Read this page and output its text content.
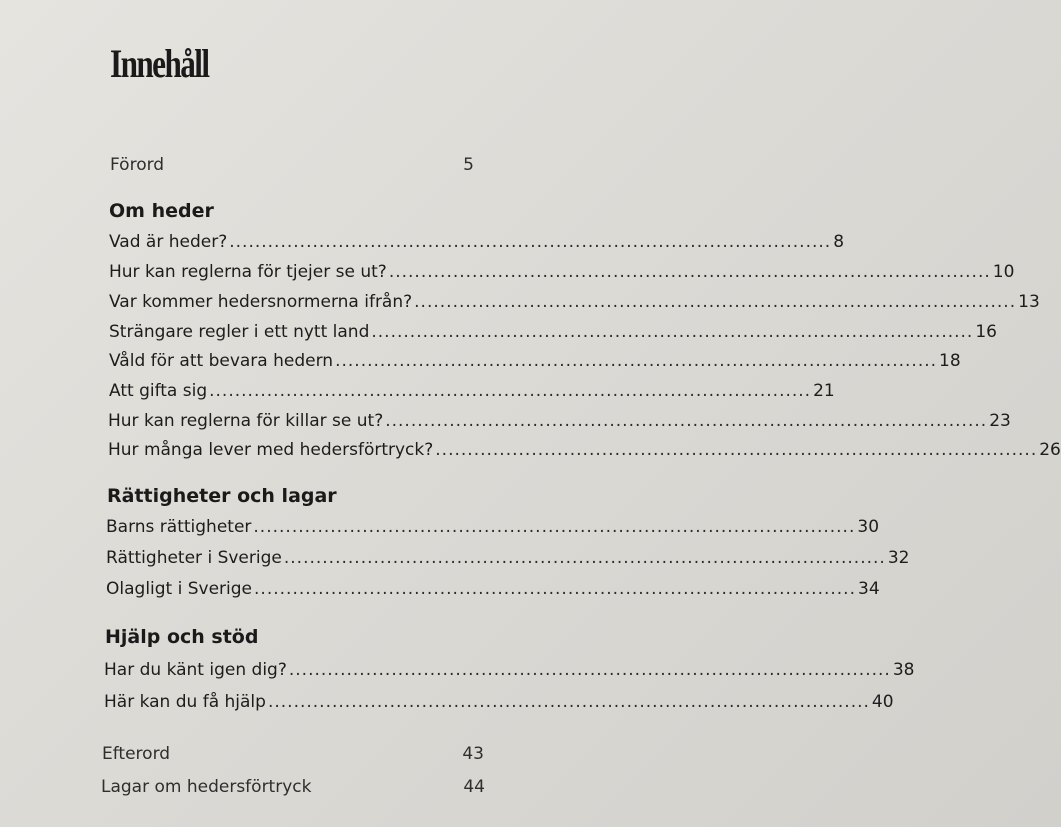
Innehåll
Förord	5
Om heder
Vad är heder? .............................................................................................. 8
Hur kan reglerna för tjejer se ut? .............................................................................................. 10
Var kommer hedersnormerna ifrån? .............................................................................................. 13
Strängare regler i ett nytt land .............................................................................................. 16
Våld för att bevara hedern .............................................................................................. 18
Att gifta sig .............................................................................................. 21
Hur kan reglerna för killar se ut? .............................................................................................. 23
Hur många lever med hedersförtryck? .............................................................................................. 26
Rättigheter och lagar
Barns rättigheter .............................................................................................. 30
Rättigheter i Sverige .............................................................................................. 32
Olagligt i Sverige .............................................................................................. 34
Hjälp och stöd
Har du känt igen dig? .............................................................................................. 38
Här kan du få hjälp .............................................................................................. 40
Efterord	43
Lagar om hedersförtryck	44
